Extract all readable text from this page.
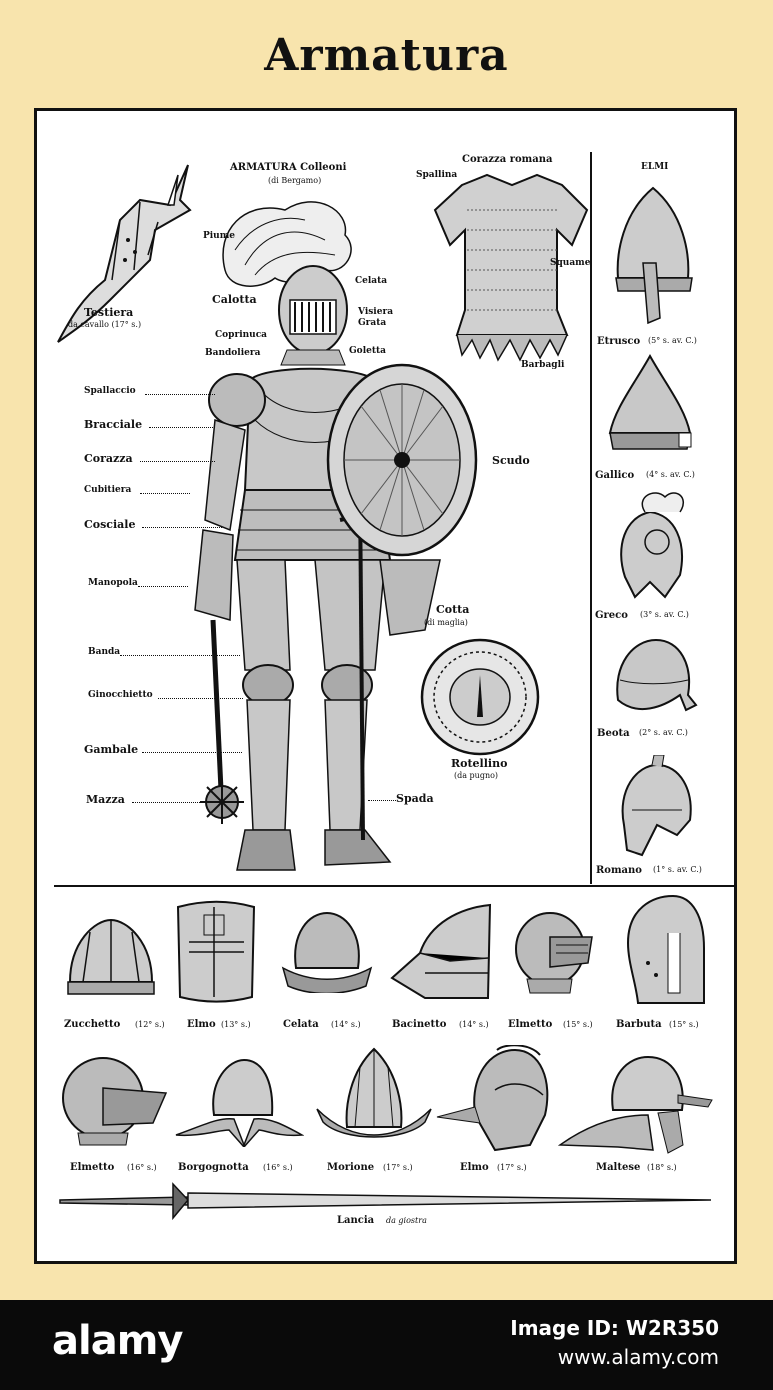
Armatura
Testiera
da cavallo (17° s.)
ARMATURA Colleoni
(di Bergamo)
Piume
Calotta
Coprinuca
Bandoliera
Celata
Visiera
Grata
Goletta
Spallaccio
Bracciale
Corazza
Cubitiera
Cosciale
Manopola
Banda
Ginocchietto
Gambale
Mazza
Scudo
Cotta
(di maglia)
Spada
Rotellino
(da pugno)
Corazza romana
Spallina
Squame
Barbagli
ELMI
Etrusco (5° s. av. C.)
Gallico (4° s. av. C.)
Greco (3° s. av. C.)
Beota (2° s. av. C.)
Romano (1° s. av. C.)
Zucchetto (12° s.) Elmo (13° s.)	Celata (14° s.)	Bacinetto (14° s.) Elmetto (15° s.) Barbuta (15° s.)
Elmetto (16° s.) Borgognotta (16° s.)	Morione (17° s.)	Elmo (17° s.)	Maltese (18° s.)
Lancia da giostra
alamy	Image ID: W2R350
www.alamy.com
